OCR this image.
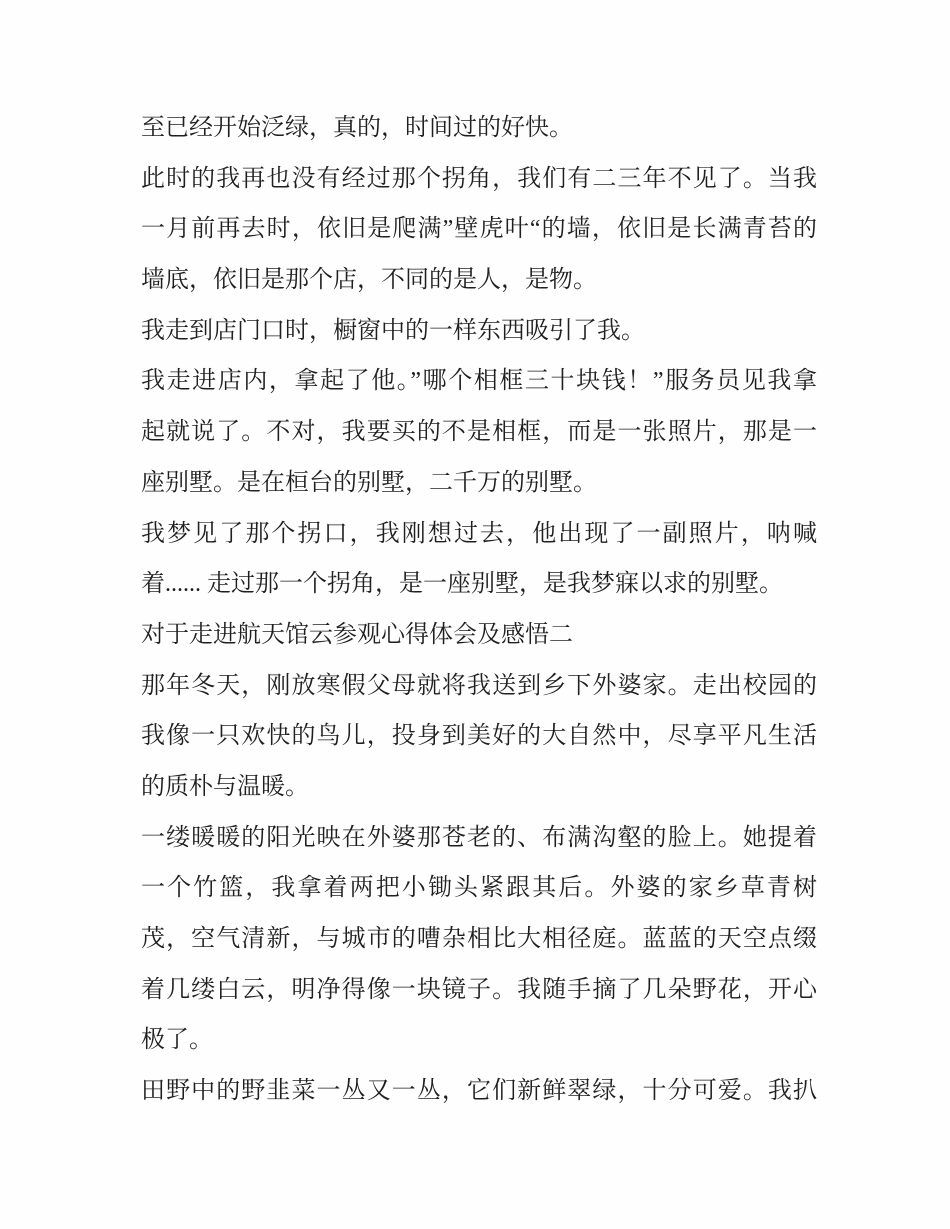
至已经开始泛绿，真的，时间过的好快。
此时的我再也没有经过那个拐角，我们有二三年不见了。当我
一月前再去时，依旧是爬满”壁虎叶“的墙，依旧是长满青苔的
墙底，依旧是那个店，不同的是人，是物。
我走到店门口时，橱窗中的一样东西吸引了我。
我走进店内，拿起了他。”哪个相框三十块钱！”服务员见我拿
起就说了。不对，我要买的不是相框，而是一张照片，那是一
座别墅。是在桓台的别墅，二千万的别墅。
我梦见了那个拐口，我刚想过去，他出现了一副照片，呐喊
着...... 走过那一个拐角，是一座别墅，是我梦寐以求的别墅。
对于走进航天馆云参观心得体会及感悟二
那年冬天，刚放寒假父母就将我送到乡下外婆家。走出校园的
我像一只欢快的鸟儿，投身到美好的大自然中，尽享平凡生活
的质朴与温暖。
一缕暖暖的阳光映在外婆那苍老的、布满沟壑的脸上。她提着
一个竹篮，我拿着两把小锄头紧跟其后。外婆的家乡草青树
茂，空气清新，与城市的嘈杂相比大相径庭。蓝蓝的天空点缀
着几缕白云，明净得像一块镜子。我随手摘了几朵野花，开心
极了。
田野中的野韭菜一丛又一丛，它们新鲜翠绿，十分可爱。我扒
